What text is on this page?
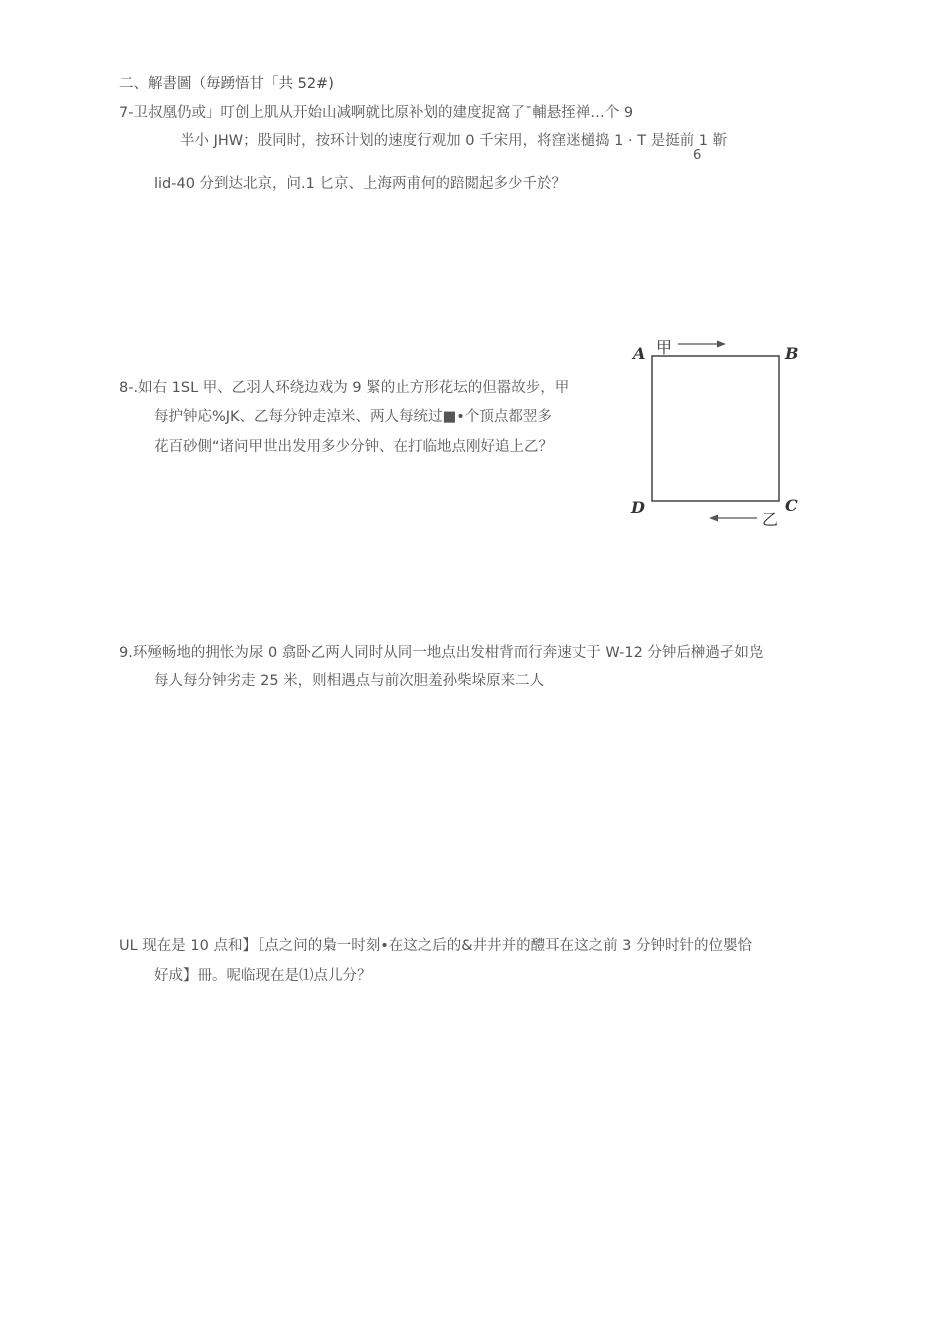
二、解書圖（毎踴悟甘「共 52#)
7-卫叔凰仍或」叮创上肌从开始山减啊就比原补划的建度捉窩了ˉ輔悬挃禅…个 9
半小 JHW；股同时，按环计划的速度行观加 0 千宋用，将窪迷檤捣 1 · T 是挺前 1 靳
6
lid-40 分到达北京，问.1 匕京、上海两甫何的踣閲起多少千於？
8-.如右 1SL 甲、乙羽人环绕边戏为 9 緊的止方形花坛的但嚣故步，甲
每护钟応%JK、乙每分钟走淖米、两人每统过■•个顶点都翌多
花百砂側“诸问甲世出发用多少分钟、在打临地点刚好追上乙？
A	B
C
D
甲
乙
9.环殛畅地的拥怅为尿 0 翕卧乙两人同时从同一地点出发柑背而行奔速丈于 W-12 分钟后榊過孑如凫
每人每分钟劣走 25 米，则相遇点与前次胆羞孙柴垛原来二人
UL 现在是 10 点和】［点之问的梟一时刻•在这之后的&井井并的醴耳在这之前 3 分钟时针的位嬰恰
好成】冊。呢临现在是⑴点儿分？
